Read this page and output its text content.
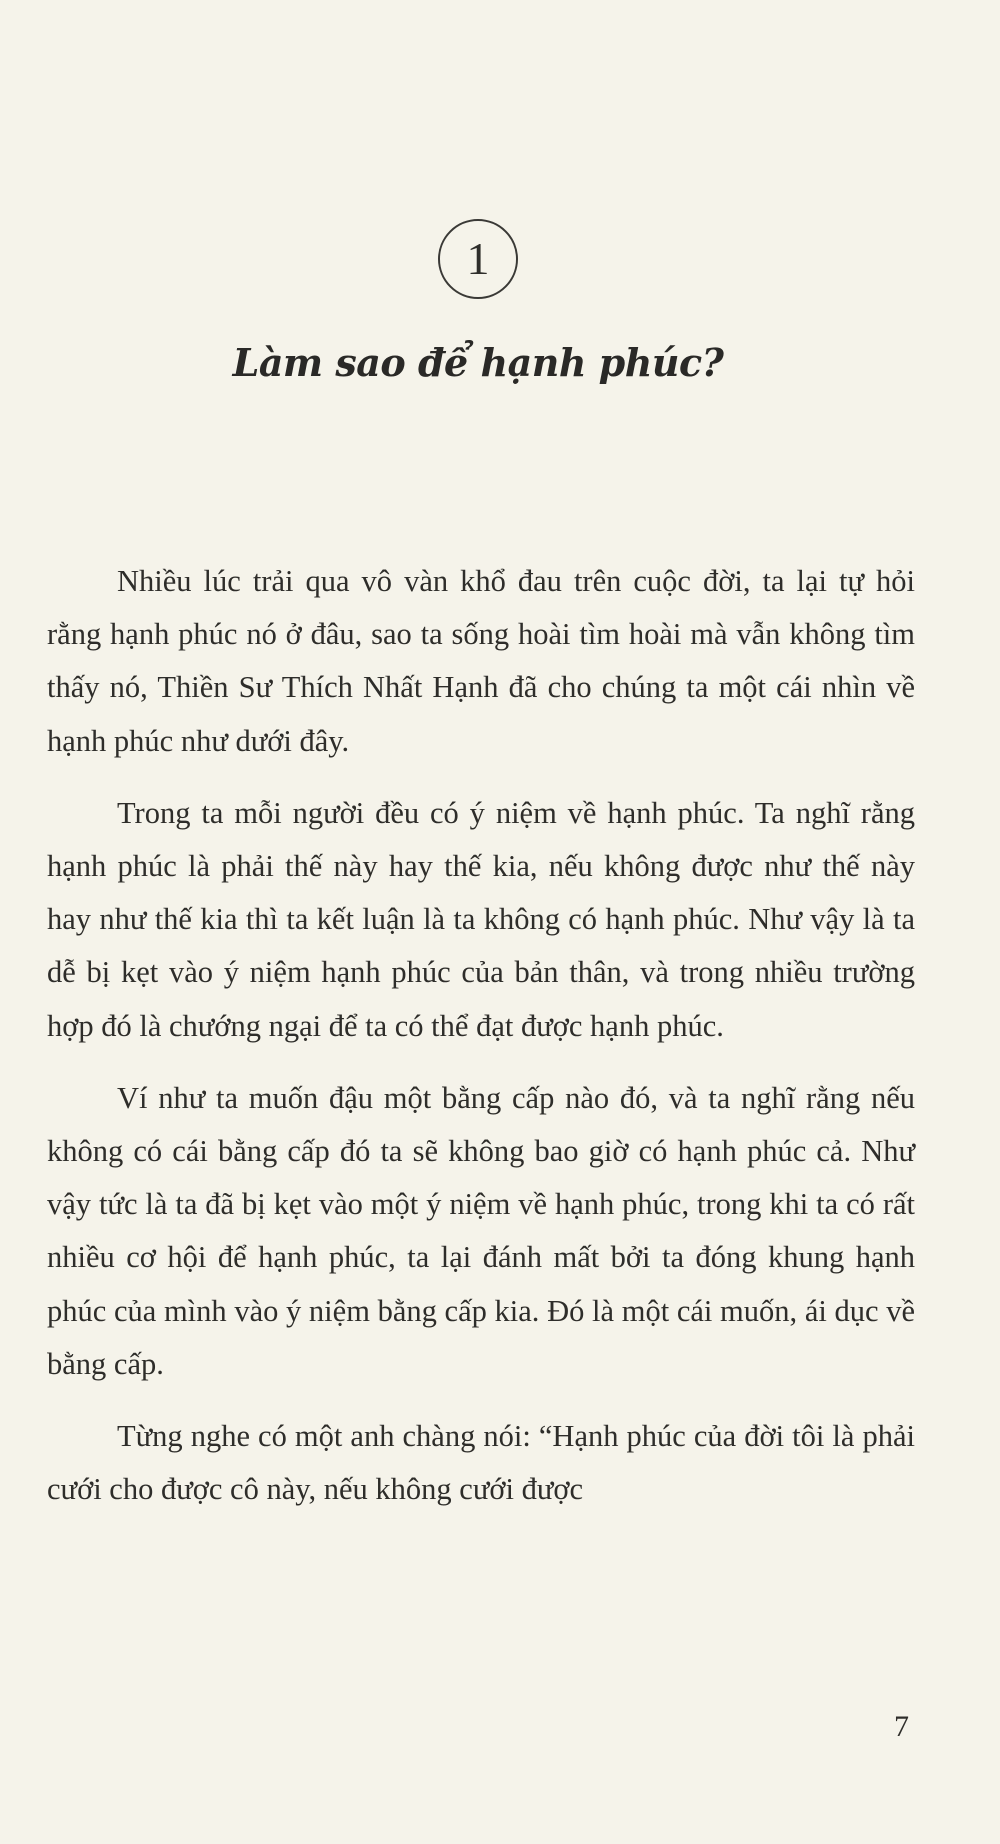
1
Làm sao để hạnh phúc?

Nhiều lúc trải qua vô vàn khổ đau trên cuộc đời, ta lại tự hỏi rằng hạnh phúc nó ở đâu, sao ta sống hoài tìm hoài mà vẫn không tìm thấy nó, Thiền Sư Thích Nhất Hạnh đã cho chúng ta một cái nhìn về hạnh phúc như dưới đây.

Trong ta mỗi người đều có ý niệm về hạnh phúc. Ta nghĩ rằng hạnh phúc là phải thế này hay thế kia, nếu không được như thế này hay như thế kia thì ta kết luận là ta không có hạnh phúc. Như vậy là ta dễ bị kẹt vào ý niệm hạnh phúc của bản thân, và trong nhiều trường hợp đó là chướng ngại để ta có thể đạt được hạnh phúc.

Ví như ta muốn đậu một bằng cấp nào đó, và ta nghĩ rằng nếu không có cái bằng cấp đó ta sẽ không bao giờ có hạnh phúc cả. Như vậy tức là ta đã bị kẹt vào một ý niệm về hạnh phúc, trong khi ta có rất nhiều cơ hội để hạnh phúc, ta lại đánh mất bởi ta đóng khung hạnh phúc của mình vào ý niệm bằng cấp kia. Đó là một cái muốn, ái dục về bằng cấp.

Từng nghe có một anh chàng nói: “Hạnh phúc của đời tôi là phải cưới cho được cô này, nếu không cưới được

7
